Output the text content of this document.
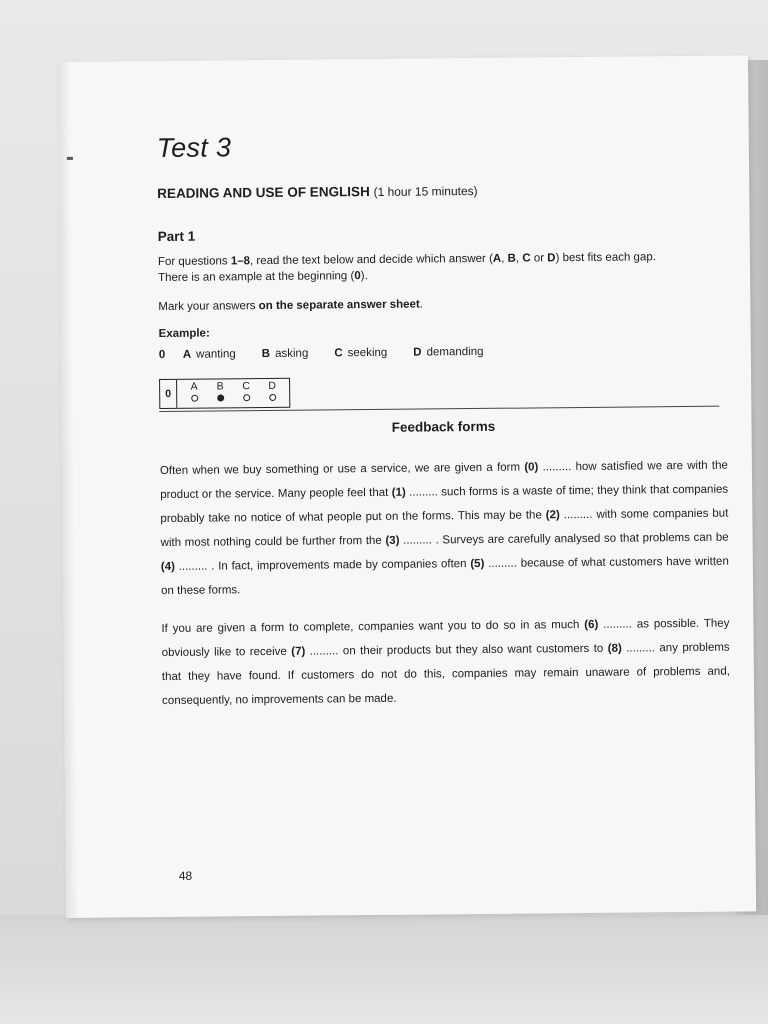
Test 3
READING AND USE OF ENGLISH (1 hour 15 minutes)
Part 1

For questions 1–8, read the text below and decide which answer (A, B, C or D) best fits each gap.
There is an example at the beginning (0).

Mark your answers on the separate answer sheet.

Example:
0	A wanting B asking C seeking D demanding
0
A B C D
Feedback forms

Often when we buy something or use a service, we are given a form (0) ......... how satisfied we are with the product or the service. Many people feel that (1) ......... such forms is a waste of time; they think that companies probably take no notice of what people put on the forms. This may be the (2) ......... with some companies but with most nothing could be further from the (3) ......... . Surveys are carefully analysed so that problems can be (4) ......... . In fact, improvements made by companies often (5) ......... because of what customers have written on these forms.

If you are given a form to complete, companies want you to do so in as much (6) ......... as possible. They obviously like to receive (7) ......... on their products but they also want customers to (8) ......... any problems that they have found. If customers do not do this, companies may remain unaware of problems and, consequently, no improvements can be made.

48
